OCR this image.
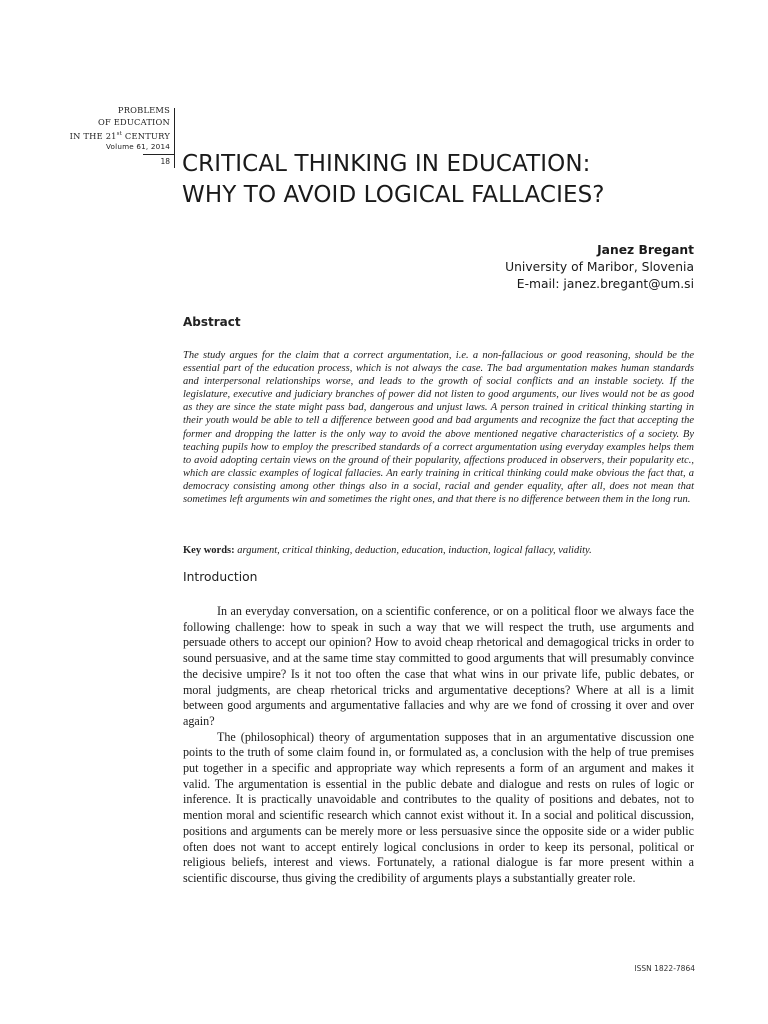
PROBLEMS
OF EDUCATION
IN THE 21st CENTURY
Volume 61, 2014
18 CRITICAL THINKING IN EDUCATION:
WHY TO AVOID LOGICAL FALLACIES?
Janez Bregant
University of Maribor, Slovenia
E-mail: janez.bregant@um.si
Abstract

The study argues for the claim that a correct argumentation, i.e. a non-fallacious or good reasoning, should be the essential part of the education process, which is not always the case. The bad argumentation makes human standards and interpersonal relationships worse, and leads to the growth of social conflicts and an instable society. If the legislature, executive and judiciary branches of power did not listen to good arguments, our lives would not be as good as they are since the state might pass bad, dangerous and unjust laws. A person trained in critical thinking starting in their youth would be able to tell a difference between good and bad arguments and recognize the fact that accepting the former and dropping the latter is the only way to avoid the above mentioned negative characteristics of a society. By teaching pupils how to employ the prescribed standards of a correct argumentation using everyday examples helps them to avoid adopting certain views on the ground of their popularity, affections produced in observers, their popularity etc., which are classic examples of logical fallacies. An early training in critical thinking could make obvious the fact that, a democracy consisting among other things also in a social, racial and gender equality, after all, does not mean that sometimes left arguments win and sometimes the right ones, and that there is no difference between them in the long run.

Key words: argument, critical thinking, deduction, education, induction, logical fallacy, validity.

Introduction

In an everyday conversation, on a scientific conference, or on a political floor we always face the following challenge: how to speak in such a way that we will respect the truth, use arguments and persuade others to accept our opinion? How to avoid cheap rhetorical and demagogical tricks in order to sound persuasive, and at the same time stay committed to good arguments that will presumably convince the decisive umpire? Is it not too often the case that what wins in our private life, public debates, or moral judgments, are cheap rhetorical tricks and argumentative deceptions? Where at all is a limit between good arguments and argumentative fallacies and why are we fond of crossing it over and over again?

The (philosophical) theory of argumentation supposes that in an argumentative discussion one points to the truth of some claim found in, or formulated as, a conclusion with the help of true premises put together in a specific and appropriate way which represents a form of an argument and makes it valid. The argumentation is essential in the public debate and dialogue and rests on rules of logic or inference. It is practically unavoidable and contributes to the quality of positions and debates, not to mention moral and scientific research which cannot exist without it. In a social and political discussion, positions and arguments can be merely more or less persuasive since the opposite side or a wider public often does not want to accept entirely logical conclusions in order to keep its personal, political or religious beliefs, interest and views. Fortunately, a rational dialogue is far more present within a scientific discourse, thus giving the credibility of arguments plays a substantially greater role.

ISSN 1822-7864
